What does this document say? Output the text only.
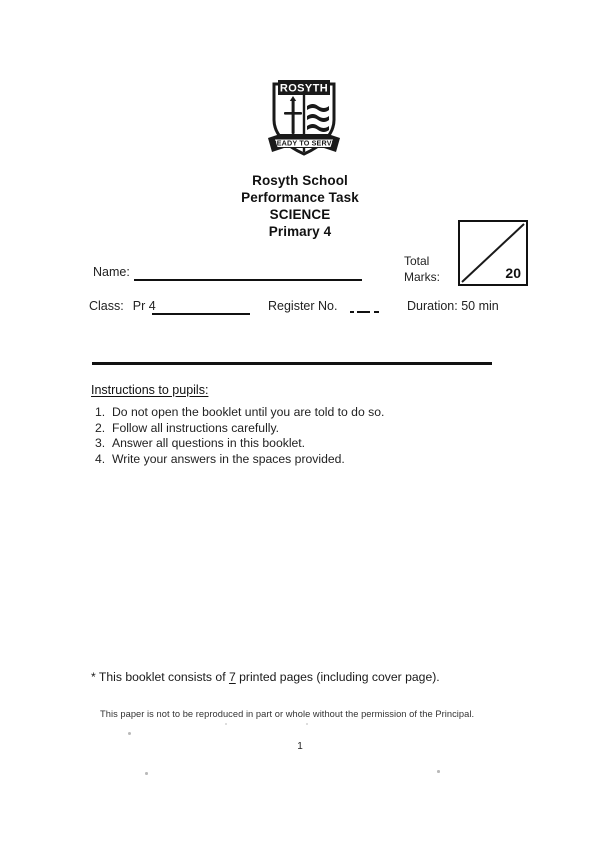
ROSYTH
READY TO SERVE
Rosyth School
Performance Task
SCIENCE
Primary 4
Total
Marks:	20
Name:
Class: Pr 4	Register No.	Duration: 50 min
Instructions to pupils:
1. Do not open the booklet until you are told to do so.
2. Follow all instructions carefully.
3. Answer all questions in this booklet.
4. Write your answers in the spaces provided.
* This booklet consists of 7 printed pages (including cover page).
This paper is not to be reproduced in part or whole without the permission of the Principal.
1
